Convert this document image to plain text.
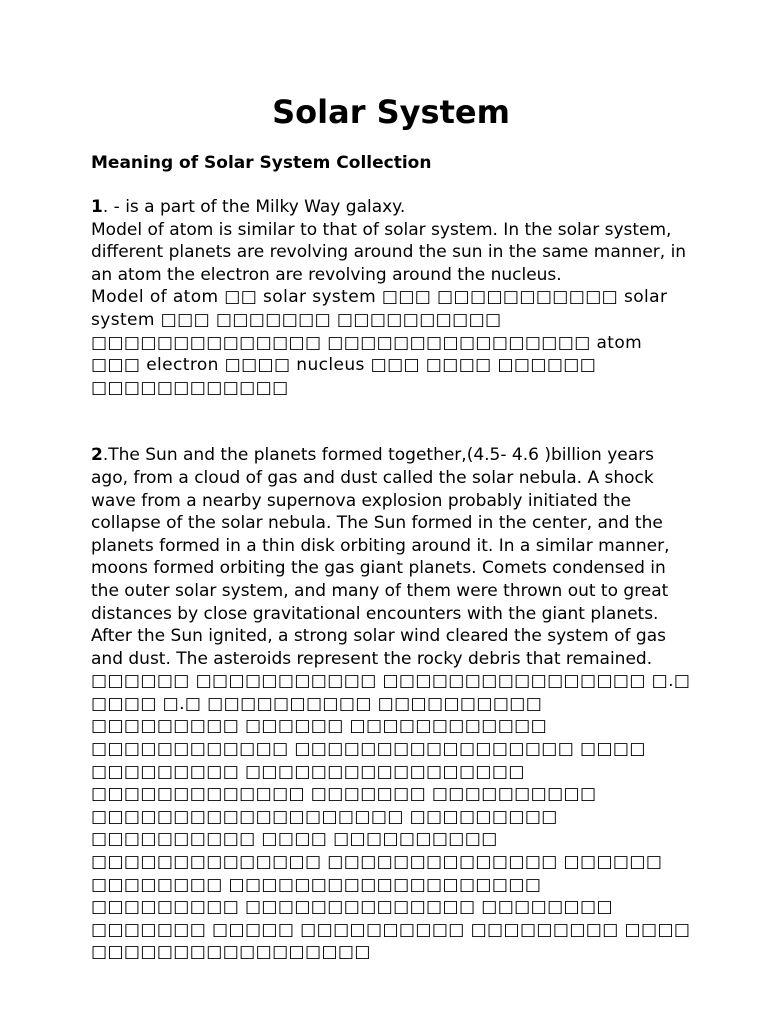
Solar System
Meaning of Solar System Collection

1. - is a part of the Milky Way galaxy.

Model of atom is similar to that of solar system. In the solar system, different planets are revolving around the sun in the same manner, in an atom the electron are revolving around the nucleus.

Model of atom □□ solar system □□□ □□□□□□□□□□□ solar system □□□ □□□□□□□ □□□□□□□□□□ □□□□□□□□□□□□□□ □□□□□□□□□□□□□□□□ atom □□□ electron □□□□ nucleus □□□ □□□□ □□□□□□ □□□□□□□□□□□□

2.The Sun and the planets formed together,(4.5- 4.6 )billion years ago, from a cloud of gas and dust called the solar nebula. A shock wave from a nearby supernova explosion probably initiated the collapse of the solar nebula. The Sun formed in the center, and the planets formed in a thin disk orbiting around it. In a similar manner, moons formed orbiting the gas giant planets. Comets condensed in the outer solar system, and many of them were thrown out to great distances by close gravitational encounters with the giant planets. After the Sun ignited, a strong solar wind cleared the system of gas and dust. The asteroids represent the rocky debris that remained.

□□□□□□ □□□□□□□□□□□ □□□□□□□□□□□□□□□□ □.□ □□□□ □.□ □□□□□□□□□□ □□□□□□□□□□ □□□□□□□□□ □□□□□□ □□□□□□□□□□□□ □□□□□□□□□□□□ □□□□□□□□□□□□□□□□□ □□□□ □□□□□□□□□ □□□□□□□□□□□□□□□□□ □□□□□□□□□□□□□ □□□□□□□ □□□□□□□□□□ □□□□□□□□□□□□□□□□□□□ □□□□□□□□□ □□□□□□□□□□ □□□□ □□□□□□□□□□ □□□□□□□□□□□□□□ □□□□□□□□□□□□□□ □□□□□□ □□□□□□□□ □□□□□□□□□□□□□□□□□□□ □□□□□□□□□ □□□□□□□□□□□□□□ □□□□□□□□ □□□□□□□ □□□□□ □□□□□□□□□□ □□□□□□□□□ □□□□ □□□□□□□□□□□□□□□□□
